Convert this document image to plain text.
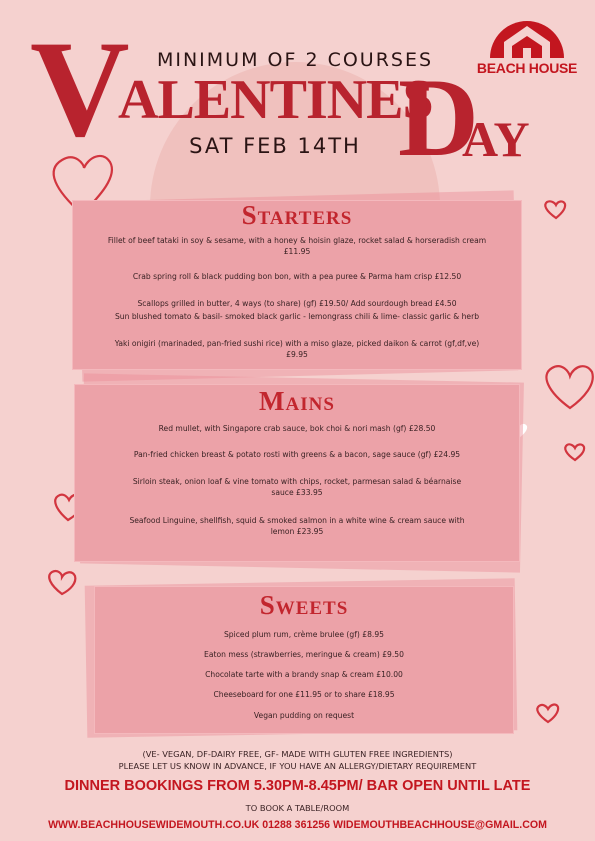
MINIMUM OF 2 COURSES
V
ALENTINES
D
AY
SAT FEB 14TH
BEACH HOUSE
Starters
Fillet of beef tataki in soy & sesame, with a honey & hoisin glaze, rocket salad & horseradish cream
£11.95
Crab spring roll & black pudding bon bon, with a pea puree & Parma ham crisp £12.50
Scallops grilled in butter, 4 ways (to share) (gf) £19.50/ Add sourdough bread £4.50
Sun blushed tomato & basil- smoked black garlic - lemongrass chili & lime- classic garlic & herb
Yaki onigiri (marinaded, pan-fried sushi rice) with a miso glaze, picked daikon & carrot (gf,df,ve)
£9.95
Mains
Red mullet, with Singapore crab sauce, bok choi & nori mash (gf) £28.50
Pan-fried chicken breast & potato rosti with greens & a bacon, sage sauce (gf) £24.95
Sirloin steak, onion loaf & vine tomato with chips, rocket, parmesan salad & béarnaise
sauce £33.95
Seafood Linguine, shellfish, squid & smoked salmon in a white wine & cream sauce with
lemon £23.95
Sweets
Spiced plum rum, crème brulee (gf) £8.95
Eaton mess (strawberries, meringue & cream) £9.50
Chocolate tarte with a brandy snap & cream £10.00
Cheeseboard for one £11.95 or to share £18.95
Vegan pudding on request
(VE- VEGAN, DF-DAIRY FREE, GF- MADE WITH GLUTEN FREE INGREDIENTS)
PLEASE LET US KNOW IN ADVANCE, IF YOU HAVE AN ALLERGY/DIETARY REQUIREMENT
DINNER BOOKINGS FROM 5.30PM-8.45PM/ BAR OPEN UNTIL LATE
TO BOOK A TABLE/ROOM
WWW.BEACHHOUSEWIDEMOUTH.CO.UK 01288 361256 WIDEMOUTHBEACHHOUSE@GMAIL.COM
